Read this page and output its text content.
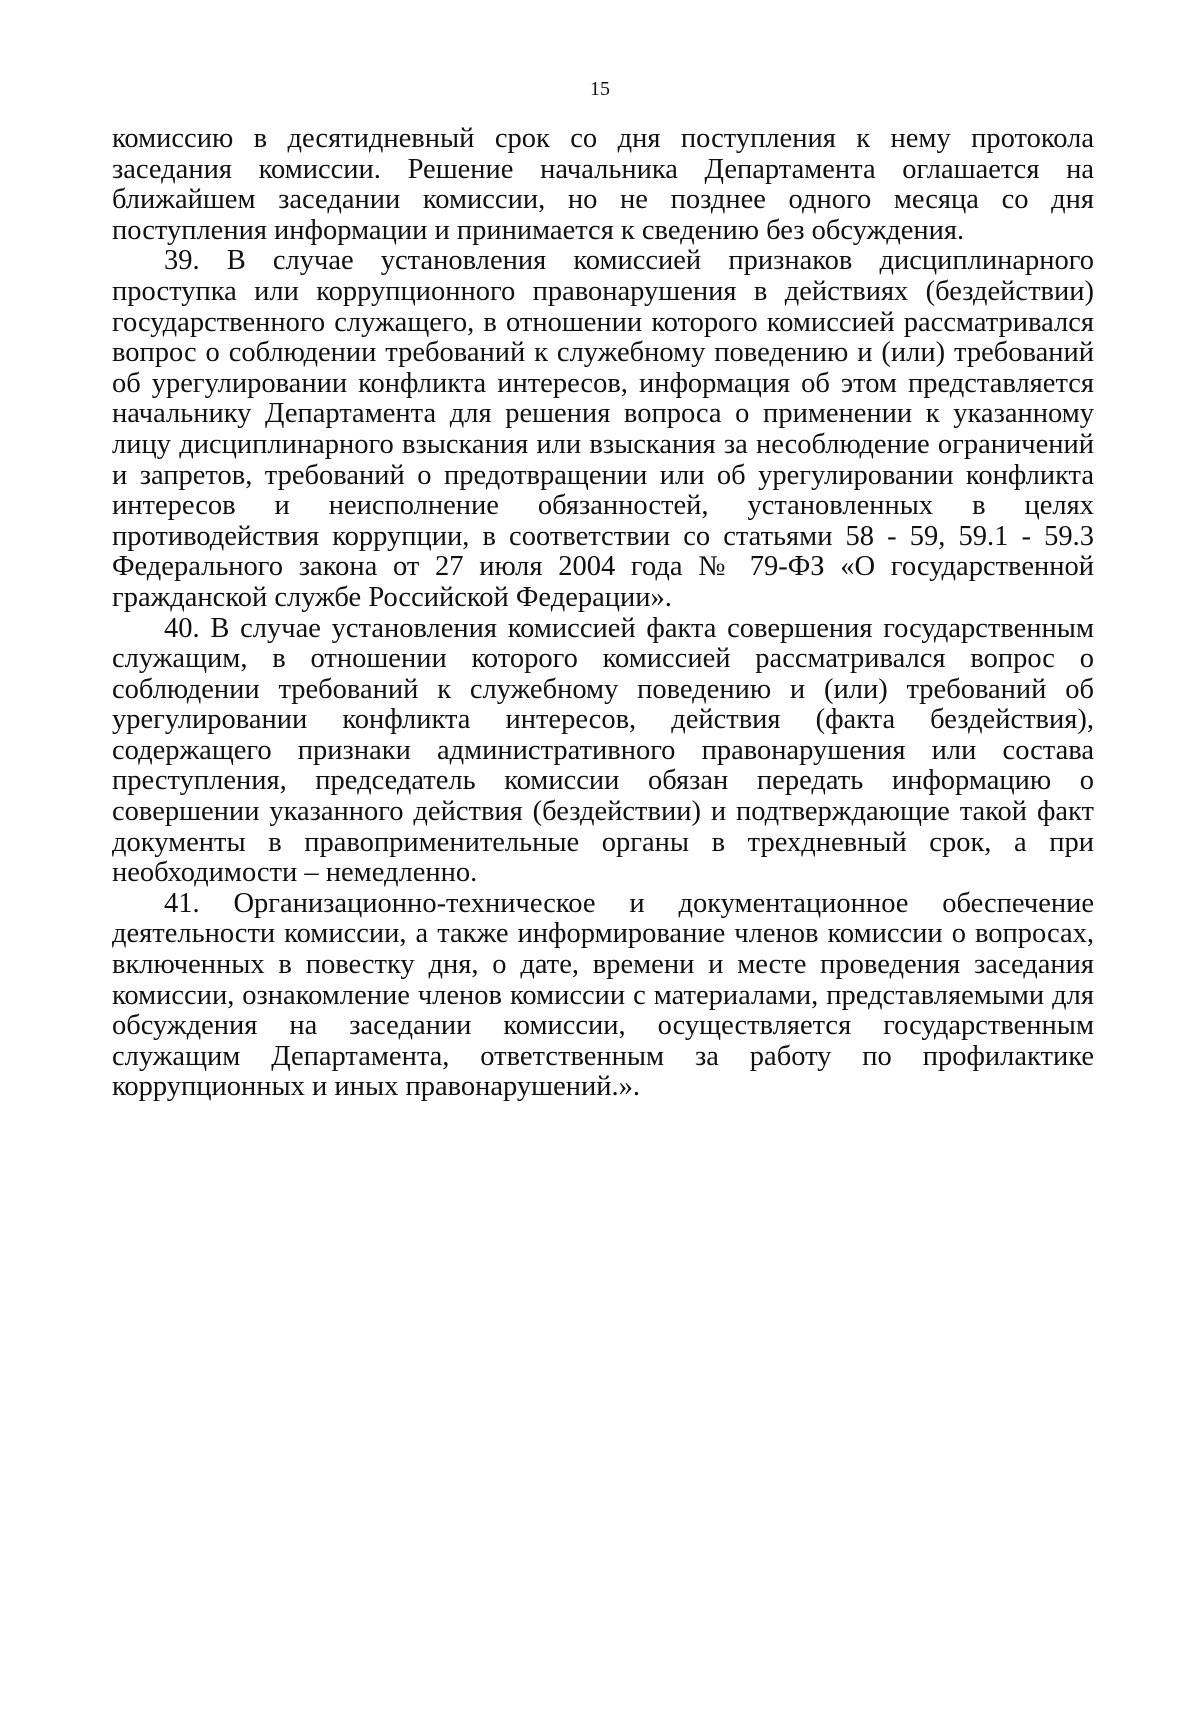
15

комиссию в десятидневный срок со дня поступления к нему протокола заседания комиссии. Решение начальника Департамента оглашается на ближайшем заседании комиссии, но не позднее одного месяца со дня поступления информации и принимается к сведению без обсуждения.

39. В случае установления комиссией признаков дисциплинарного проступка или коррупционного правонарушения в действиях (бездействии) государственного служащего, в отношении которого комиссией рассматривался вопрос о соблюдении требований к служебному поведению и (или) требований об урегулировании конфликта интересов, информация об этом представляется начальнику Департамента для решения вопроса о применении к указанному лицу дисциплинарного взыскания или взыскания за несоблюдение ограничений и запретов, требований о предотвращении или об урегулировании конфликта интересов и неисполнение обязанностей, установленных в целях противодействия коррупции, в соответствии со статьями 58 - 59, 59.1 - 59.3 Федерального закона от 27 июля 2004 года № 79-ФЗ «О государственной гражданской службе Российской Федерации».

40. В случае установления комиссией факта совершения государственным служащим, в отношении которого комиссией рассматривался вопрос о соблюдении требований к служебному поведению и (или) требований об урегулировании конфликта интересов, действия (факта бездействия), содержащего признаки административного правонарушения или состава преступления, председатель комиссии обязан передать информацию о совершении указанного действия (бездействии) и подтверждающие такой факт документы в правоприменительные органы в трехдневный срок, а при необходимости – немедленно.

41. Организационно-техническое и документационное обеспечение деятельности комиссии, а также информирование членов комиссии о вопросах, включенных в повестку дня, о дате, времени и месте проведения заседания комиссии, ознакомление членов комиссии с материалами, представляемыми для обсуждения на заседании комиссии, осуществляется государственным служащим Департамента, ответственным за работу по профилактике коррупционных и иных правонарушений.».
